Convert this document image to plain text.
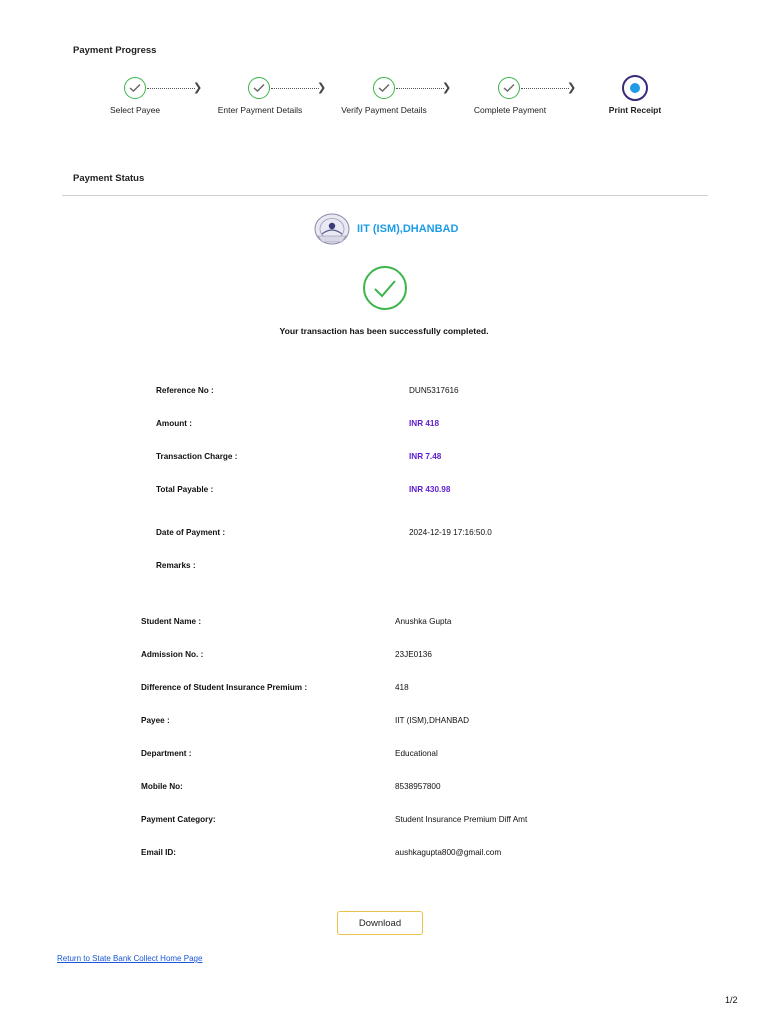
Payment Progress
❯	❯	❯	❯
Select Payee	Enter Payment Details	Verify Payment Details	Complete Payment	Print Receipt
Payment Status
IIT (ISM),DHANBAD
Your transaction has been successfully completed.
Reference No :	DUN5317616
Amount :	INR 418
Transaction Charge :	INR 7.48
Total Payable :	INR 430.98
Date of Payment :	2024-12-19 17:16:50.0
Remarks :
Student Name :	Anushka Gupta
Admission No. :	23JE0136
Difference of Student Insurance Premium :	418
Payee :	IIT (ISM),DHANBAD
Department :	Educational
Mobile No:	8538957800
Payment Category:	Student Insurance Premium Diff Amt
Email ID:	aushkagupta800@gmail.com
Download
Return to State Bank Collect Home Page
1/2
